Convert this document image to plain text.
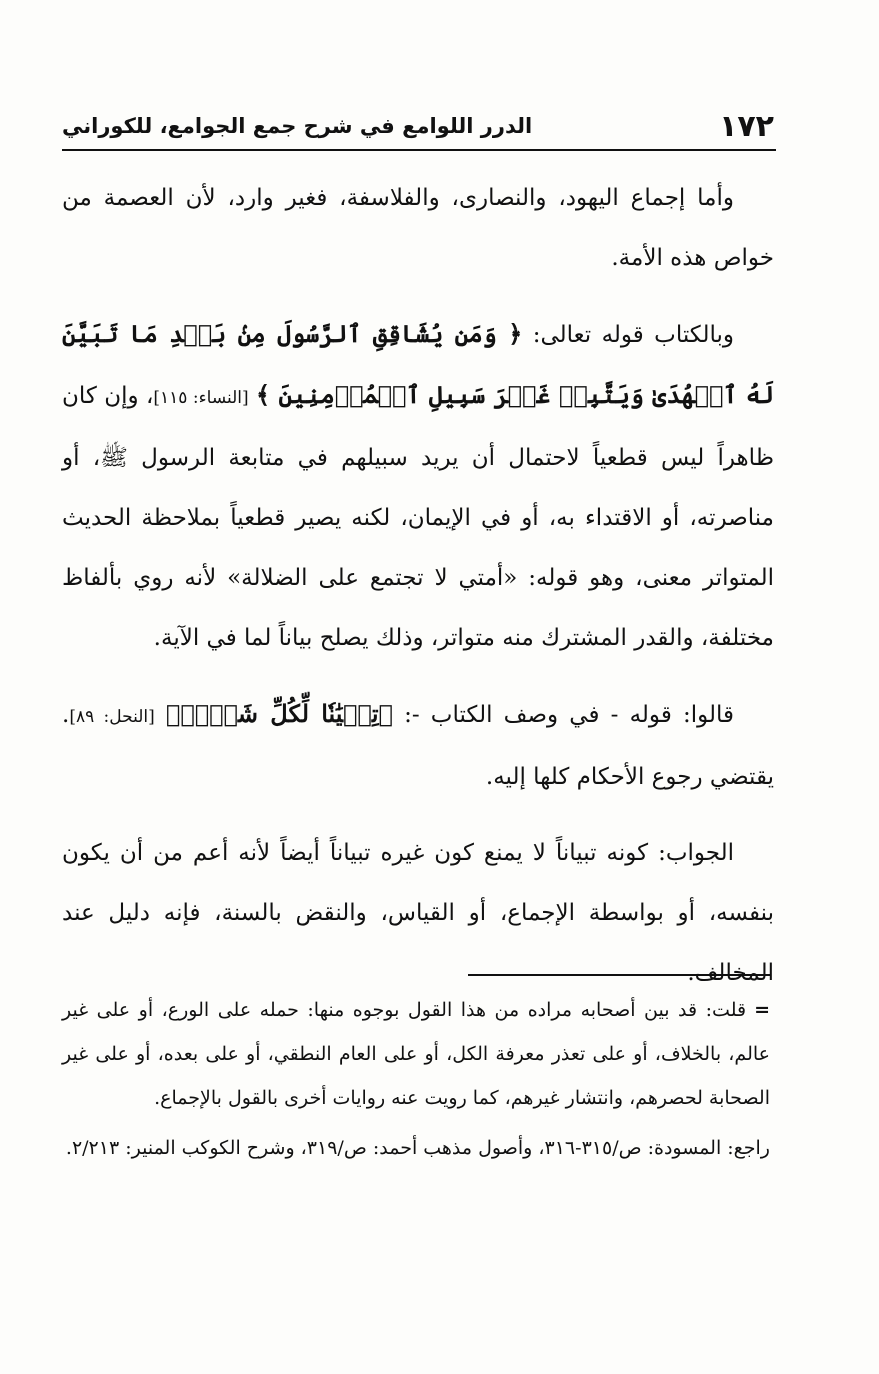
١٧٢
الدرر اللوامع في شرح جمع الجوامع، للكوراني

وأما إجماع اليهود، والنصارى، والفلاسفة، فغير وارد، لأن العصمة من خواص هذه الأمة.

وبالكتاب قوله تعالى: ﴿ وَمَن يُشَاقِقِ ٱلرَّسُولَ مِنۢ بَعۡدِ مَا تَبَيَّنَ لَهُ ٱلۡهُدَىٰ وَيَتَّبِعۡ غَيۡرَ سَبِيلِ ٱلۡمُؤۡمِنِينَ ﴾ [النساء: ١١٥]، وإن كان ظاهراً ليس قطعياً لاحتمال أن يريد سبيلهم في متابعة الرسول ﷺ، أو مناصرته، أو الاقتداء به، أو في الإيمان، لكنه يصير قطعياً بملاحظة الحديث المتواتر معنى، وهو قوله: «أمتي لا تجتمع على الضلالة» لأنه روي بألفاظ مختلفة، والقدر المشترك منه متواتر، وذلك يصلح بياناً لما في الآية.

قالوا: قوله - في وصف الكتاب -: ﴿تِبۡيَٰنٗا لِّكُلِّ شَيۡءٖ﴾ [النحل: ٨٩]. يقتضي رجوع الأحكام كلها إليه.

الجواب: كونه تبياناً لا يمنع كون غيره تبياناً أيضاً لأنه أعم من أن يكون بنفسه، أو بواسطة الإجماع، أو القياس، والنقض بالسنة، فإنه دليل عند المخالف.

=قلت: قد بين أصحابه مراده من هذا القول بوجوه منها: حمله على الورع، أو على غير عالم، بالخلاف، أو على تعذر معرفة الكل، أو على العام النطقي، أو على بعده، أو على غير الصحابة لحصرهم، وانتشار غيرهم، كما رويت عنه روايات أخرى بالقول بالإجماع.

راجع: المسودة: ص/٣١٥-٣١٦، وأصول مذهب أحمد: ص/٣١٩، وشرح الكوكب المنير: ٢/٢١٣.
